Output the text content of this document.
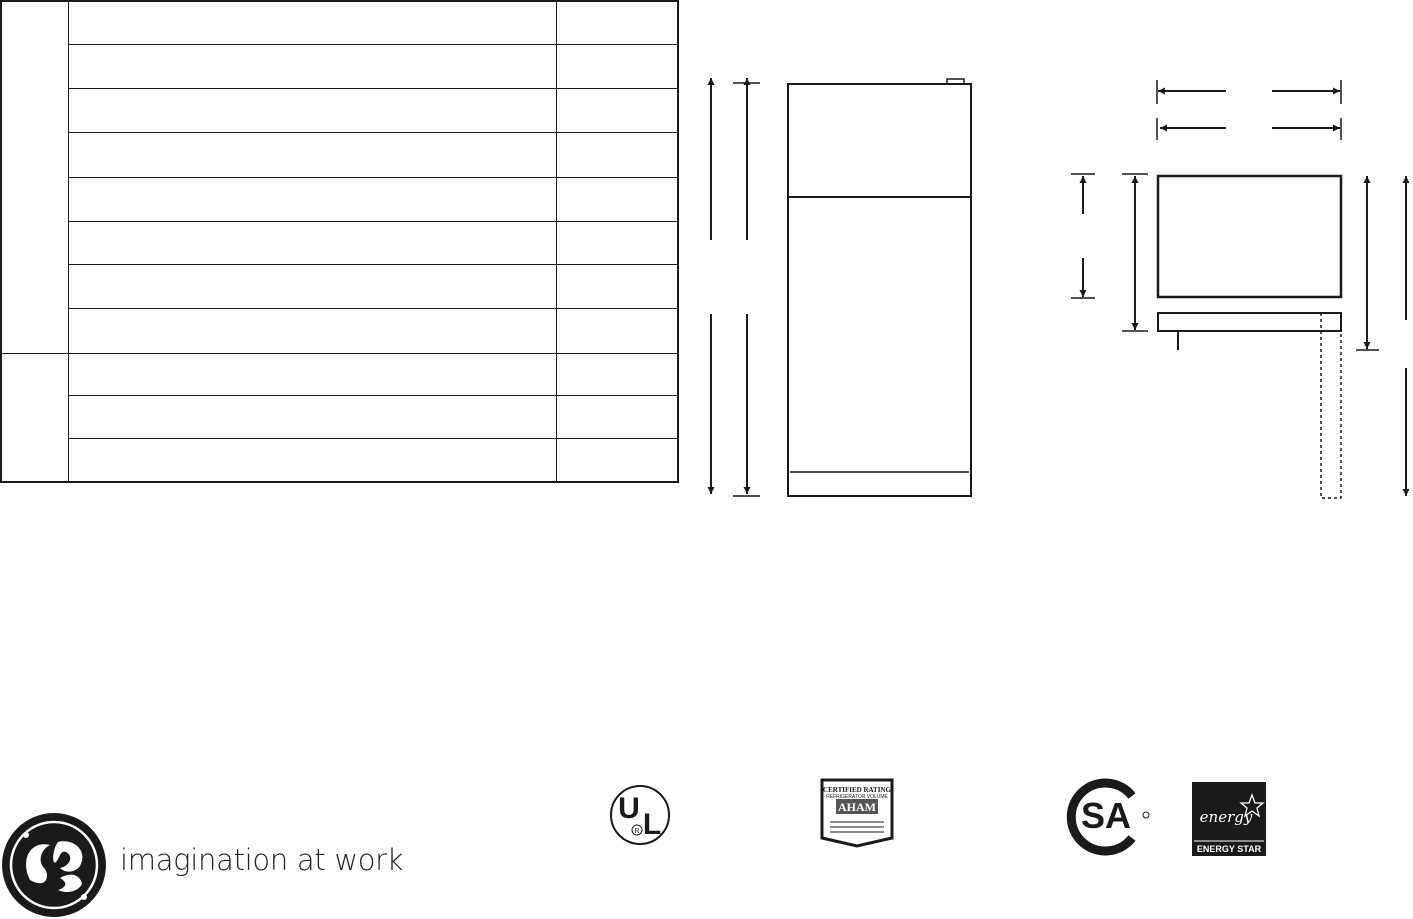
U L
R
CERTIFIED RATING
REFRIGERATOR VOLUME
AHAM	SA	energy
ENERGY STAR
imagination at work
